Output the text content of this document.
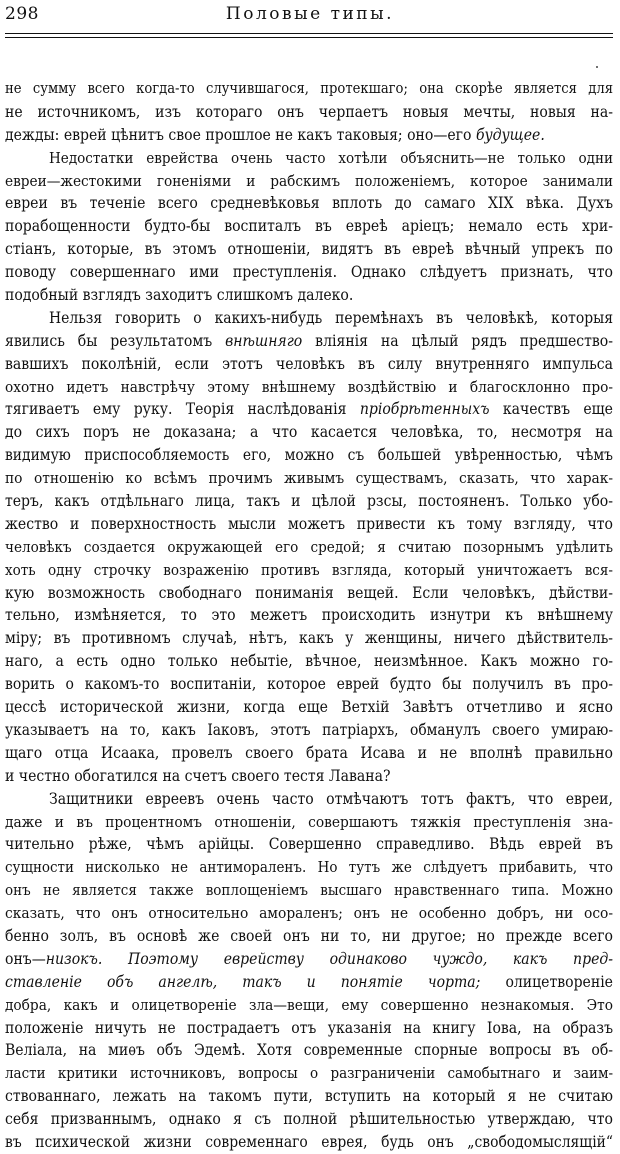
298	Половые типы.
не сумму всего когда-то случившагося, протекшаго; она скорѣе является для
не источникомъ, изъ котораго онъ черпаетъ новыя мечты, новыя на-
дежды: еврей цѣнитъ свое прошлое не какъ таковыя; оно—его будущее.
Недостатки еврейства очень часто хотѣли объяснить—не только одни
евреи—жестокими гоненіями и рабскимъ положеніемъ, которое занимали
евреи въ теченіе всего средневѣковья вплоть до самаго XIX вѣка. Духъ
порабощенности будто-бы воспиталъ въ евреѣ аріецъ; немало есть хри-
стіанъ, которые, въ этомъ отношеніи, видятъ въ евреѣ вѣчный упрекъ по
поводу совершеннаго ими преступленія. Однако слѣдуетъ признать, что
подобный взглядъ заходитъ слишкомъ далеко.
Нельзя говорить о какихъ-нибудь перемѣнахъ въ человѣкѣ, которыя
явились бы результатомъ внѣшняго вліянія на цѣлый рядъ предшество-
вавшихъ поколѣній, если этотъ человѣкъ въ силу внутренняго импульса
охотно идетъ навстрѣчу этому внѣшнему воздѣйствію и благосклонно про-
тягиваетъ ему руку. Теорія наслѣдованія пріобрѣтенныхъ качествъ еще
до сихъ поръ не доказана; а что касается человѣка, то, несмотря на
видимую приспособляемость его, можно съ большей увѣренностью, чѣмъ
по отношенію ко всѣмъ прочимъ живымъ существамъ, сказать, что харак-
теръ, какъ отдѣльнаго лица, такъ и цѣлой рзсы, постояненъ. Только убо-
жество и поверхностность мысли можетъ привести къ тому взгляду, что
человѣкъ создается окружающей его средой; я считаю позорнымъ удѣлить
хоть одну строчку возраженію противъ взгляда, который уничтожаетъ вся-
кую возможность свободнаго пониманія вещей. Если человѣкъ, дѣйстви-
тельно, измѣняется, то это межетъ происходить изнутри къ внѣшнему
міру; въ противномъ случаѣ, нѣтъ, какъ у женщины, ничего дѣйствитель-
наго, а есть одно только небытіе, вѣчное, неизмѣнное. Какъ можно го-
ворить о какомъ-то воспитаніи, которое еврей будто бы получилъ въ про-
цессѣ исторической жизни, когда еще Ветхій Завѣтъ отчетливо и ясно
указываетъ на то, какъ Іаковъ, этотъ патріархъ, обманулъ своего умираю-
щаго отца Исаака, провелъ своего брата Исава и не вполнѣ правильно
и честно обогатился на счетъ своего тестя Лавана?
Защитники евреевъ очень часто отмѣчаютъ тотъ фактъ, что евреи,
даже и въ процентномъ отношеніи, совершаютъ тяжкія преступленія зна-
чительно рѣже, чѣмъ арійцы. Совершенно справедливо. Вѣдь еврей въ
сущности нисколько не антимораленъ. Но тутъ же слѣдуетъ прибавить, что
онъ не является также воплощеніемъ высшаго нравственнаго типа. Можно
сказать, что онъ относительно амораленъ; онъ не особенно добръ, ни осо-
бенно золъ, въ основѣ же своей онъ ни то, ни другое; но прежде всего
онъ—низокъ. Поэтому еврейству одинаково чуждо, какъ пред-
ставленіе объ ангелѣ, такъ и понятіе чорта; олицетвореніе
добра, какъ и олицетвореніе зла—вещи, ему совершенно незнакомыя. Это
положеніе ничуть не пострадаетъ отъ указанія на книгу Іова, на образъ
Веліала, на миѳъ объ Эдемѣ. Хотя современные спорные вопросы въ об-
ласти критики источниковъ, вопросы о разграниченіи самобытнаго и заим-
ствованнаго, лежать на такомъ пути, вступить на который я не считаю
себя призваннымъ, однако я съ полной рѣшительностью утверждаю, что
въ психической жизни современнаго еврея, будь онъ „свободомыслящій“
